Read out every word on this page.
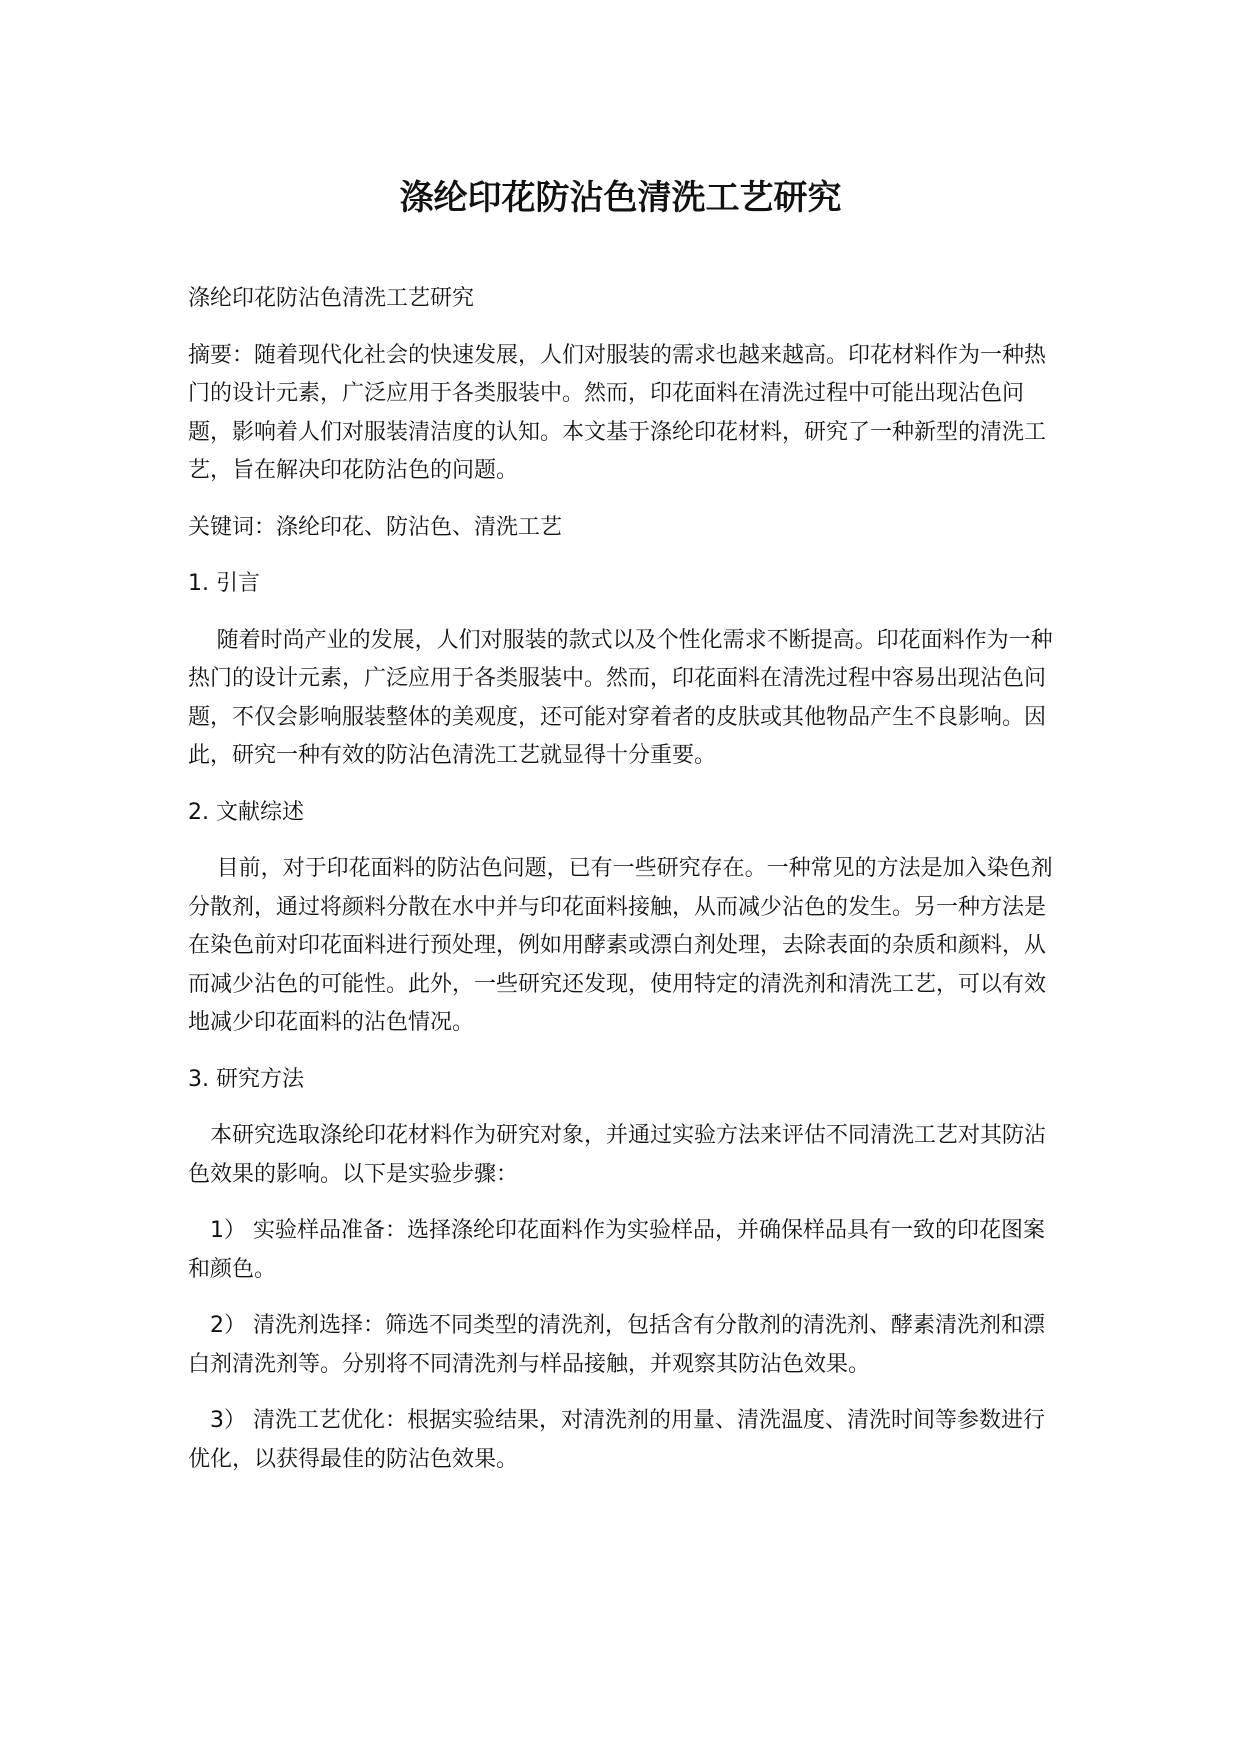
涤纶印花防沾色清洗工艺研究

涤纶印花防沾色清洗工艺研究

摘要：随着现代化社会的快速发展，人们对服装的需求也越来越高。印花材料作为一种热门的设计元素，广泛应用于各类服装中。然而，印花面料在清洗过程中可能出现沾色问题，影响着人们对服装清洁度的认知。本文基于涤纶印花材料，研究了一种新型的清洗工艺，旨在解决印花防沾色的问题。

关键词：涤纶印花、防沾色、清洗工艺

1. 引言

随着时尚产业的发展，人们对服装的款式以及个性化需求不断提高。印花面料作为一种热门的设计元素，广泛应用于各类服装中。然而，印花面料在清洗过程中容易出现沾色问题，不仅会影响服装整体的美观度，还可能对穿着者的皮肤或其他物品产生不良影响。因此，研究一种有效的防沾色清洗工艺就显得十分重要。

2. 文献综述

目前，对于印花面料的防沾色问题，已有一些研究存在。一种常见的方法是加入染色剂分散剂，通过将颜料分散在水中并与印花面料接触，从而减少沾色的发生。另一种方法是在染色前对印花面料进行预处理，例如用酵素或漂白剂处理，去除表面的杂质和颜料，从而减少沾色的可能性。此外，一些研究还发现，使用特定的清洗剂和清洗工艺，可以有效地减少印花面料的沾色情况。

3. 研究方法

本研究选取涤纶印花材料作为研究对象，并通过实验方法来评估不同清洗工艺对其防沾色效果的影响。以下是实验步骤：

1） 实验样品准备：选择涤纶印花面料作为实验样品，并确保样品具有一致的印花图案和颜色。

2） 清洗剂选择：筛选不同类型的清洗剂，包括含有分散剂的清洗剂、酵素清洗剂和漂白剂清洗剂等。分别将不同清洗剂与样品接触，并观察其防沾色效果。

3） 清洗工艺优化：根据实验结果，对清洗剂的用量、清洗温度、清洗时间等参数进行优化，以获得最佳的防沾色效果。
